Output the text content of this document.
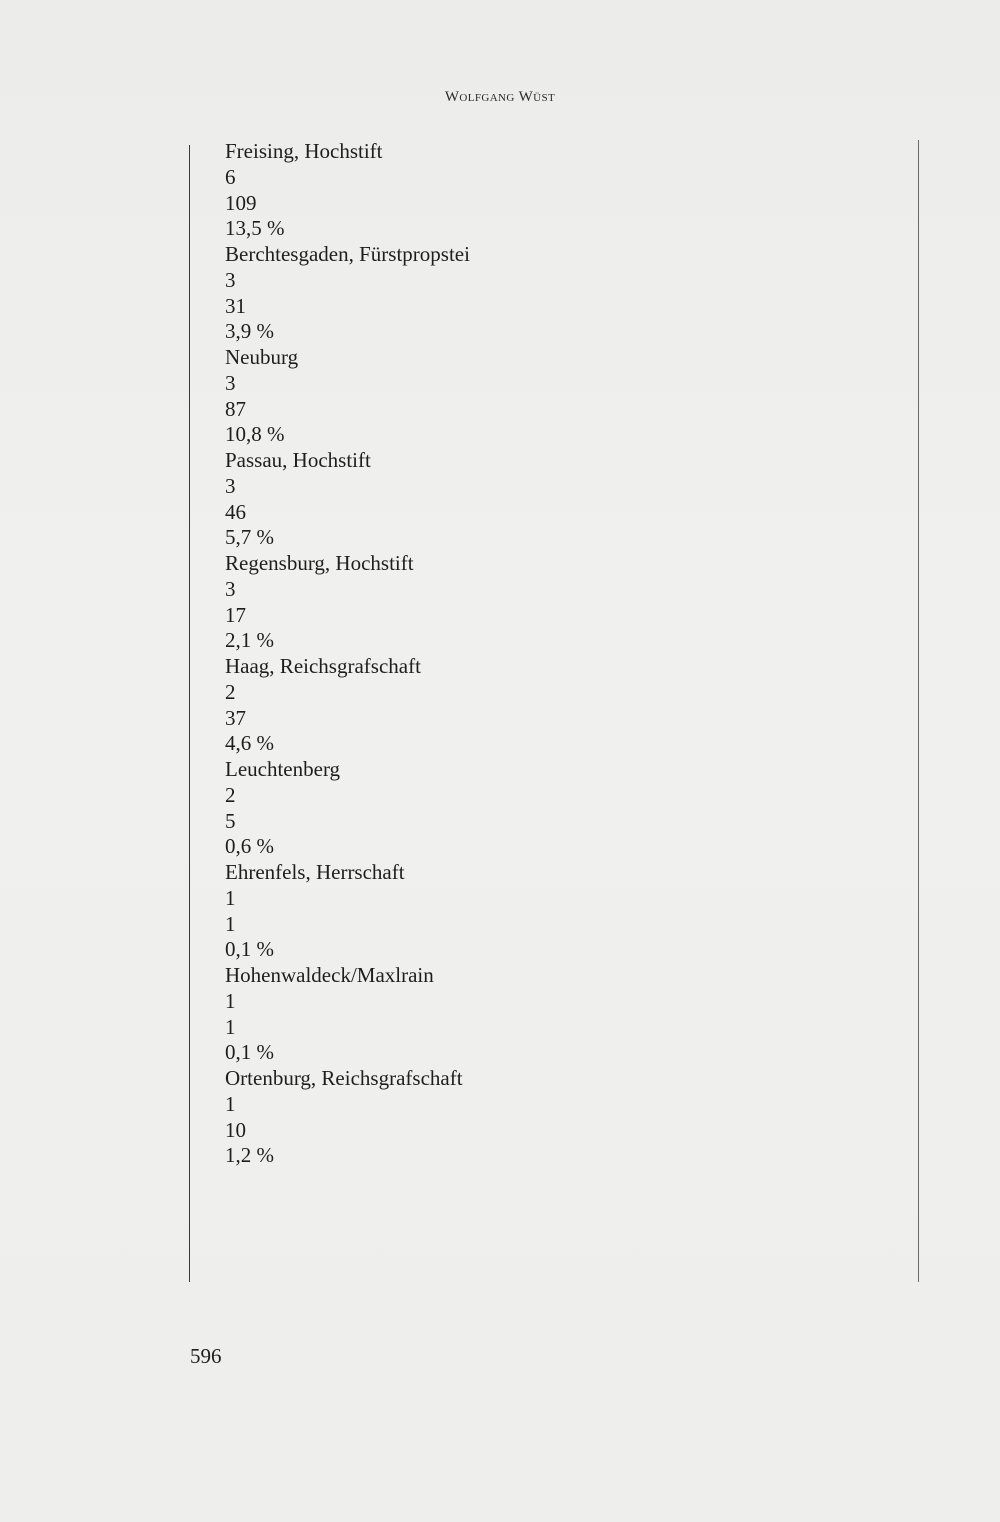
Wolfgang Wüst
Freising, Hochstift
6
109
13,5 %
Berchtesgaden, Fürstpropstei
3
31
3,9 %
Neuburg
3
87
10,8 %
Passau, Hochstift
3
46
5,7 %
Regensburg, Hochstift
3
17
2,1 %
Haag, Reichsgrafschaft
2
37
4,6 %
Leuchtenberg
2
5
0,6 %
Ehrenfels, Herrschaft
1
1
0,1 %
Hohenwaldeck/Maxlrain
1
1
0,1 %
Ortenburg, Reichsgrafschaft
1
10
1,2 %
596
